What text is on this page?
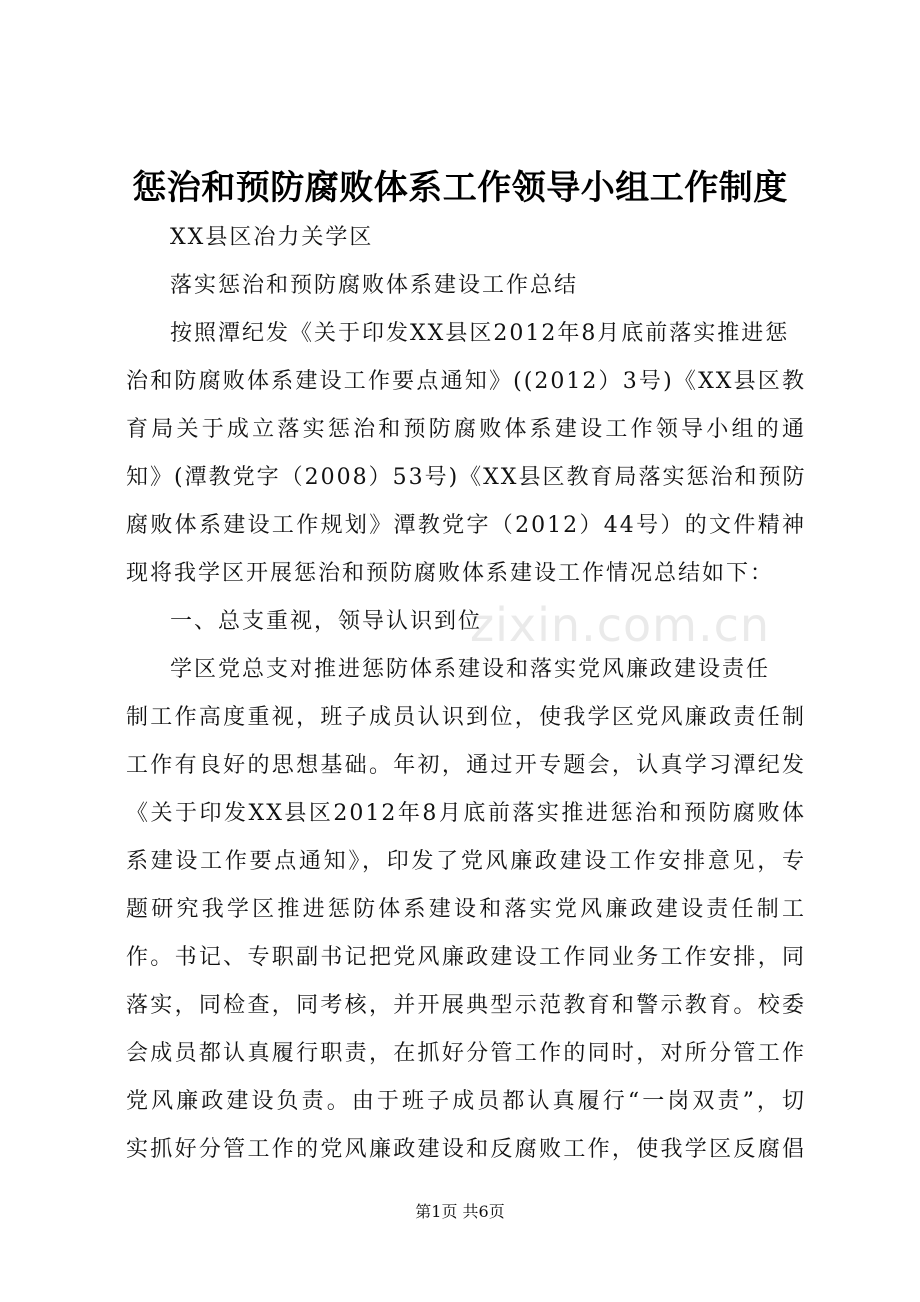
惩治和预防腐败体系工作领导小组工作制度
XX县区冶力关学区
落实惩治和预防腐败体系建设工作总结
按照潭纪发《关于印发XX县区2012年8月底前落实推进惩
治和防腐败体系建设工作要点通知》((2012）3号)《XX县区教
育局关于成立落实惩治和预防腐败体系建设工作领导小组的通
知》(潭教党字（2008）53号)《XX县区教育局落实惩治和预防
腐败体系建设工作规划》潭教党字（2012）44号）的文件精神
现将我学区开展惩治和预防腐败体系建设工作情况总结如下：
一、总支重视，领导认识到位
学区党总支对推进惩防体系建设和落实党风廉政建设责任
制工作高度重视，班子成员认识到位，使我学区党风廉政责任制
工作有良好的思想基础。年初，通过开专题会，认真学习潭纪发
《关于印发XX县区2012年8月底前落实推进惩治和预防腐败体
系建设工作要点通知》，印发了党风廉政建设工作安排意见，专
题研究我学区推进惩防体系建设和落实党风廉政建设责任制工
作。书记、专职副书记把党风廉政建设工作同业务工作安排，同
落实，同检查，同考核，并开展典型示范教育和警示教育。校委
会成员都认真履行职责，在抓好分管工作的同时，对所分管工作
党风廉政建设负责。由于班子成员都认真履行“一岗双责”，切
实抓好分管工作的党风廉政建设和反腐败工作，使我学区反腐倡
zixin.com.cn
第1页 共6页
